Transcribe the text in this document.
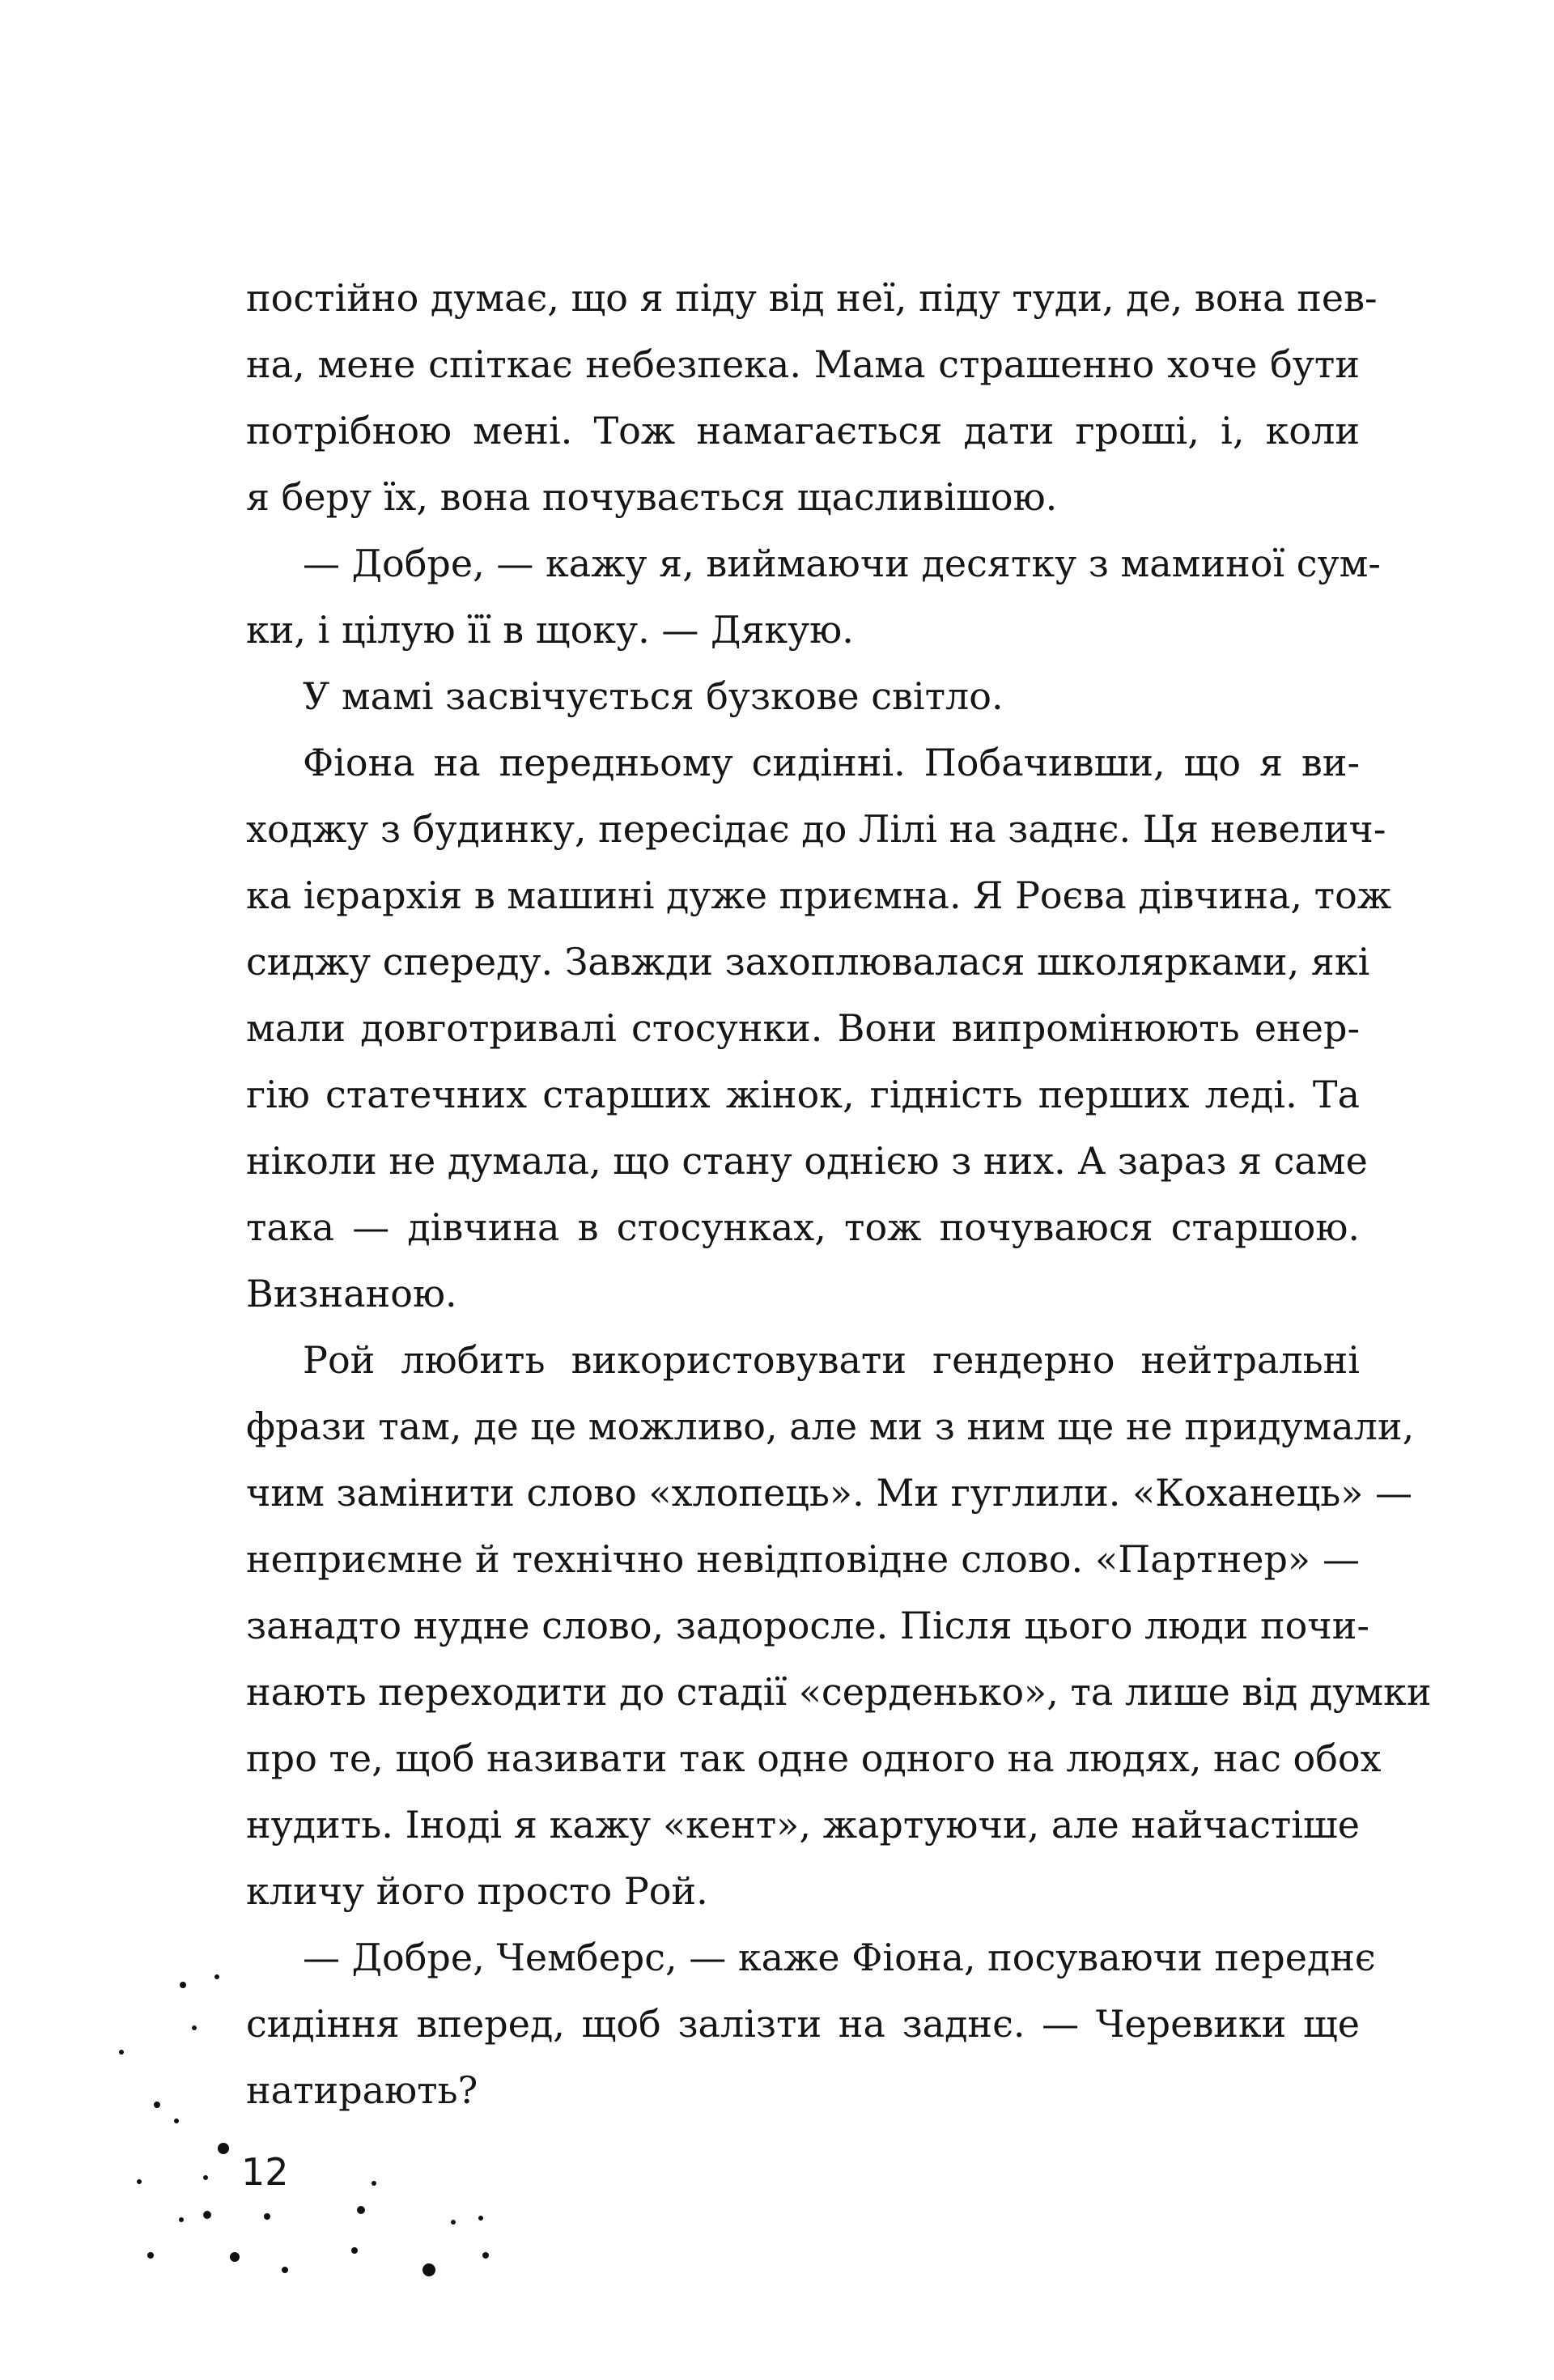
постійно думає, що я піду від неї, піду туди, де, вона пев-
на, мене спіткає небезпека. Мама страшенно хоче бути
потрібною мені. Тож намагається дати гроші, і, коли
я беру їх, вона почувається щасливішою.
— Добре, — кажу я, виймаючи десятку з маминої сум-
ки, і цілую її в щоку. — Дякую.
У мамі засвічується бузкове світло.
Фіона на передньому сидінні. Побачивши, що я ви-
ходжу з будинку, пересідає до Лілі на заднє. Ця невелич-
ка ієрархія в машині дуже приємна. Я Роєва дівчина, тож
сиджу спереду. Завжди захоплювалася школярками, які
мали довготривалі стосунки. Вони випромінюють енер-
гію статечних старших жінок, гідність перших леді. Та
ніколи не думала, що стану однією з них. А зараз я саме
така — дівчина в стосунках, тож почуваюся старшою.
Визнаною.
Рой любить використовувати гендерно нейтральні
фрази там, де це можливо, але ми з ним ще не придумали,
чим замінити слово «хлопець». Ми гуглили. «Коханець» —
неприємне й технічно невідповідне слово. «Партнер» —
занадто нудне слово, задоросле. Після цього люди почи-
нають переходити до стадії «серденько», та лише від думки
про те, щоб називати так одне одного на людях, нас обох
нудить. Іноді я кажу «кент», жартуючи, але найчастіше
кличу його просто Рой.
— Добре, Чемберс, — каже Фіона, посуваючи переднє
сидіння вперед, щоб залізти на заднє. — Черевики ще
натирають?
12
